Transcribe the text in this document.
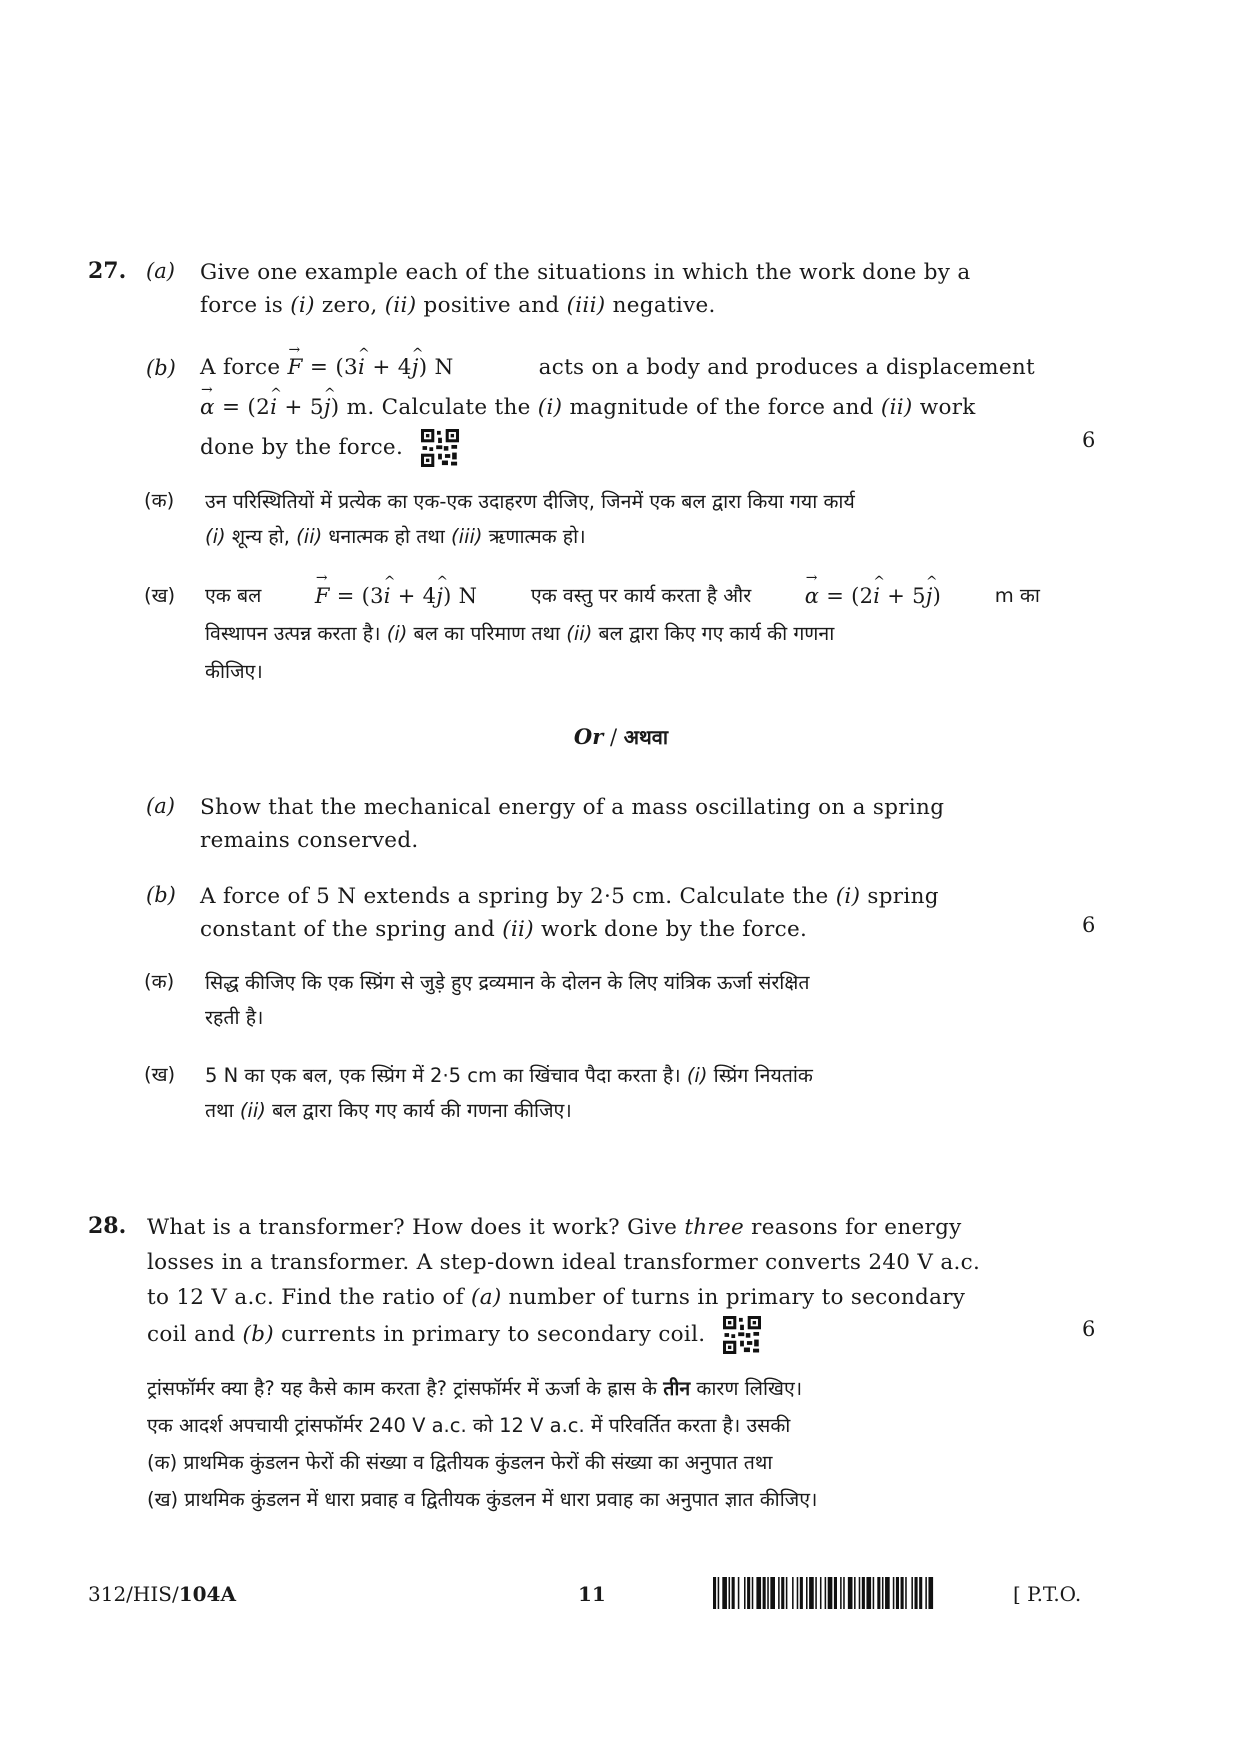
27. (a) Give one example each of the situations in which the work done by a
force is (i) zero, (ii) positive and (iii) negative.
(b) A force → F = (3^ i + 4^ j) N	acts on a body and produces a displacement
→ α = (2^ i + 5^ j) m. Calculate the (i) magnitude of the force and (ii) work
done by the force.	6
(क) उन परिस्थितियों में प्रत्येक का एक-एक उदाहरण दीजिए, जिनमें एक बल द्वारा किया गया कार्य
(i) शून्य हो, (ii) धनात्मक हो तथा (iii) ऋणात्मक हो।
(ख) एक बल	→ F = (3^ i + 4^ j) N	एक वस्तु पर कार्य करता है और	→ α = (2^ i + 5^ j)	m का
विस्थापन उत्पन्न करता है। (i) बल का परिमाण तथा (ii) बल द्वारा किए गए कार्य की गणना
कीजिए।
Or / अथवा
(a) Show that the mechanical energy of a mass oscillating on a spring
remains conserved.
(b) A force of 5 N extends a spring by 2·5 cm. Calculate the (i) spring
constant of the spring and (ii) work done by the force.	6
(क) सिद्ध कीजिए कि एक स्प्रिंग से जुड़े हुए द्रव्यमान के दोलन के लिए यांत्रिक ऊर्जा संरक्षित
रहती है।
(ख) 5 N का एक बल, एक स्प्रिंग में 2·5 cm का खिंचाव पैदा करता है। (i) स्प्रिंग नियतांक
तथा (ii) बल द्वारा किए गए कार्य की गणना कीजिए।
28. What is a transformer? How does it work? Give three reasons for energy
losses in a transformer. A step-down ideal transformer converts 240 V a.c.
to 12 V a.c. Find the ratio of (a) number of turns in primary to secondary
coil and (b) currents in primary to secondary coil.	6
ट्रांसफॉर्मर क्या है? यह कैसे काम करता है? ट्रांसफॉर्मर में ऊर्जा के ह्रास के तीन कारण लिखिए।
एक आदर्श अपचायी ट्रांसफॉर्मर 240 V a.c. को 12 V a.c. में परिवर्तित करता है। उसकी
(क) प्राथमिक कुंडलन फेरों की संख्या व द्वितीयक कुंडलन फेरों की संख्या का अनुपात तथा
(ख) प्राथमिक कुंडलन में धारा प्रवाह व द्वितीयक कुंडलन में धारा प्रवाह का अनुपात ज्ञात कीजिए।
312/HIS/104A	11	[ P.T.O.
